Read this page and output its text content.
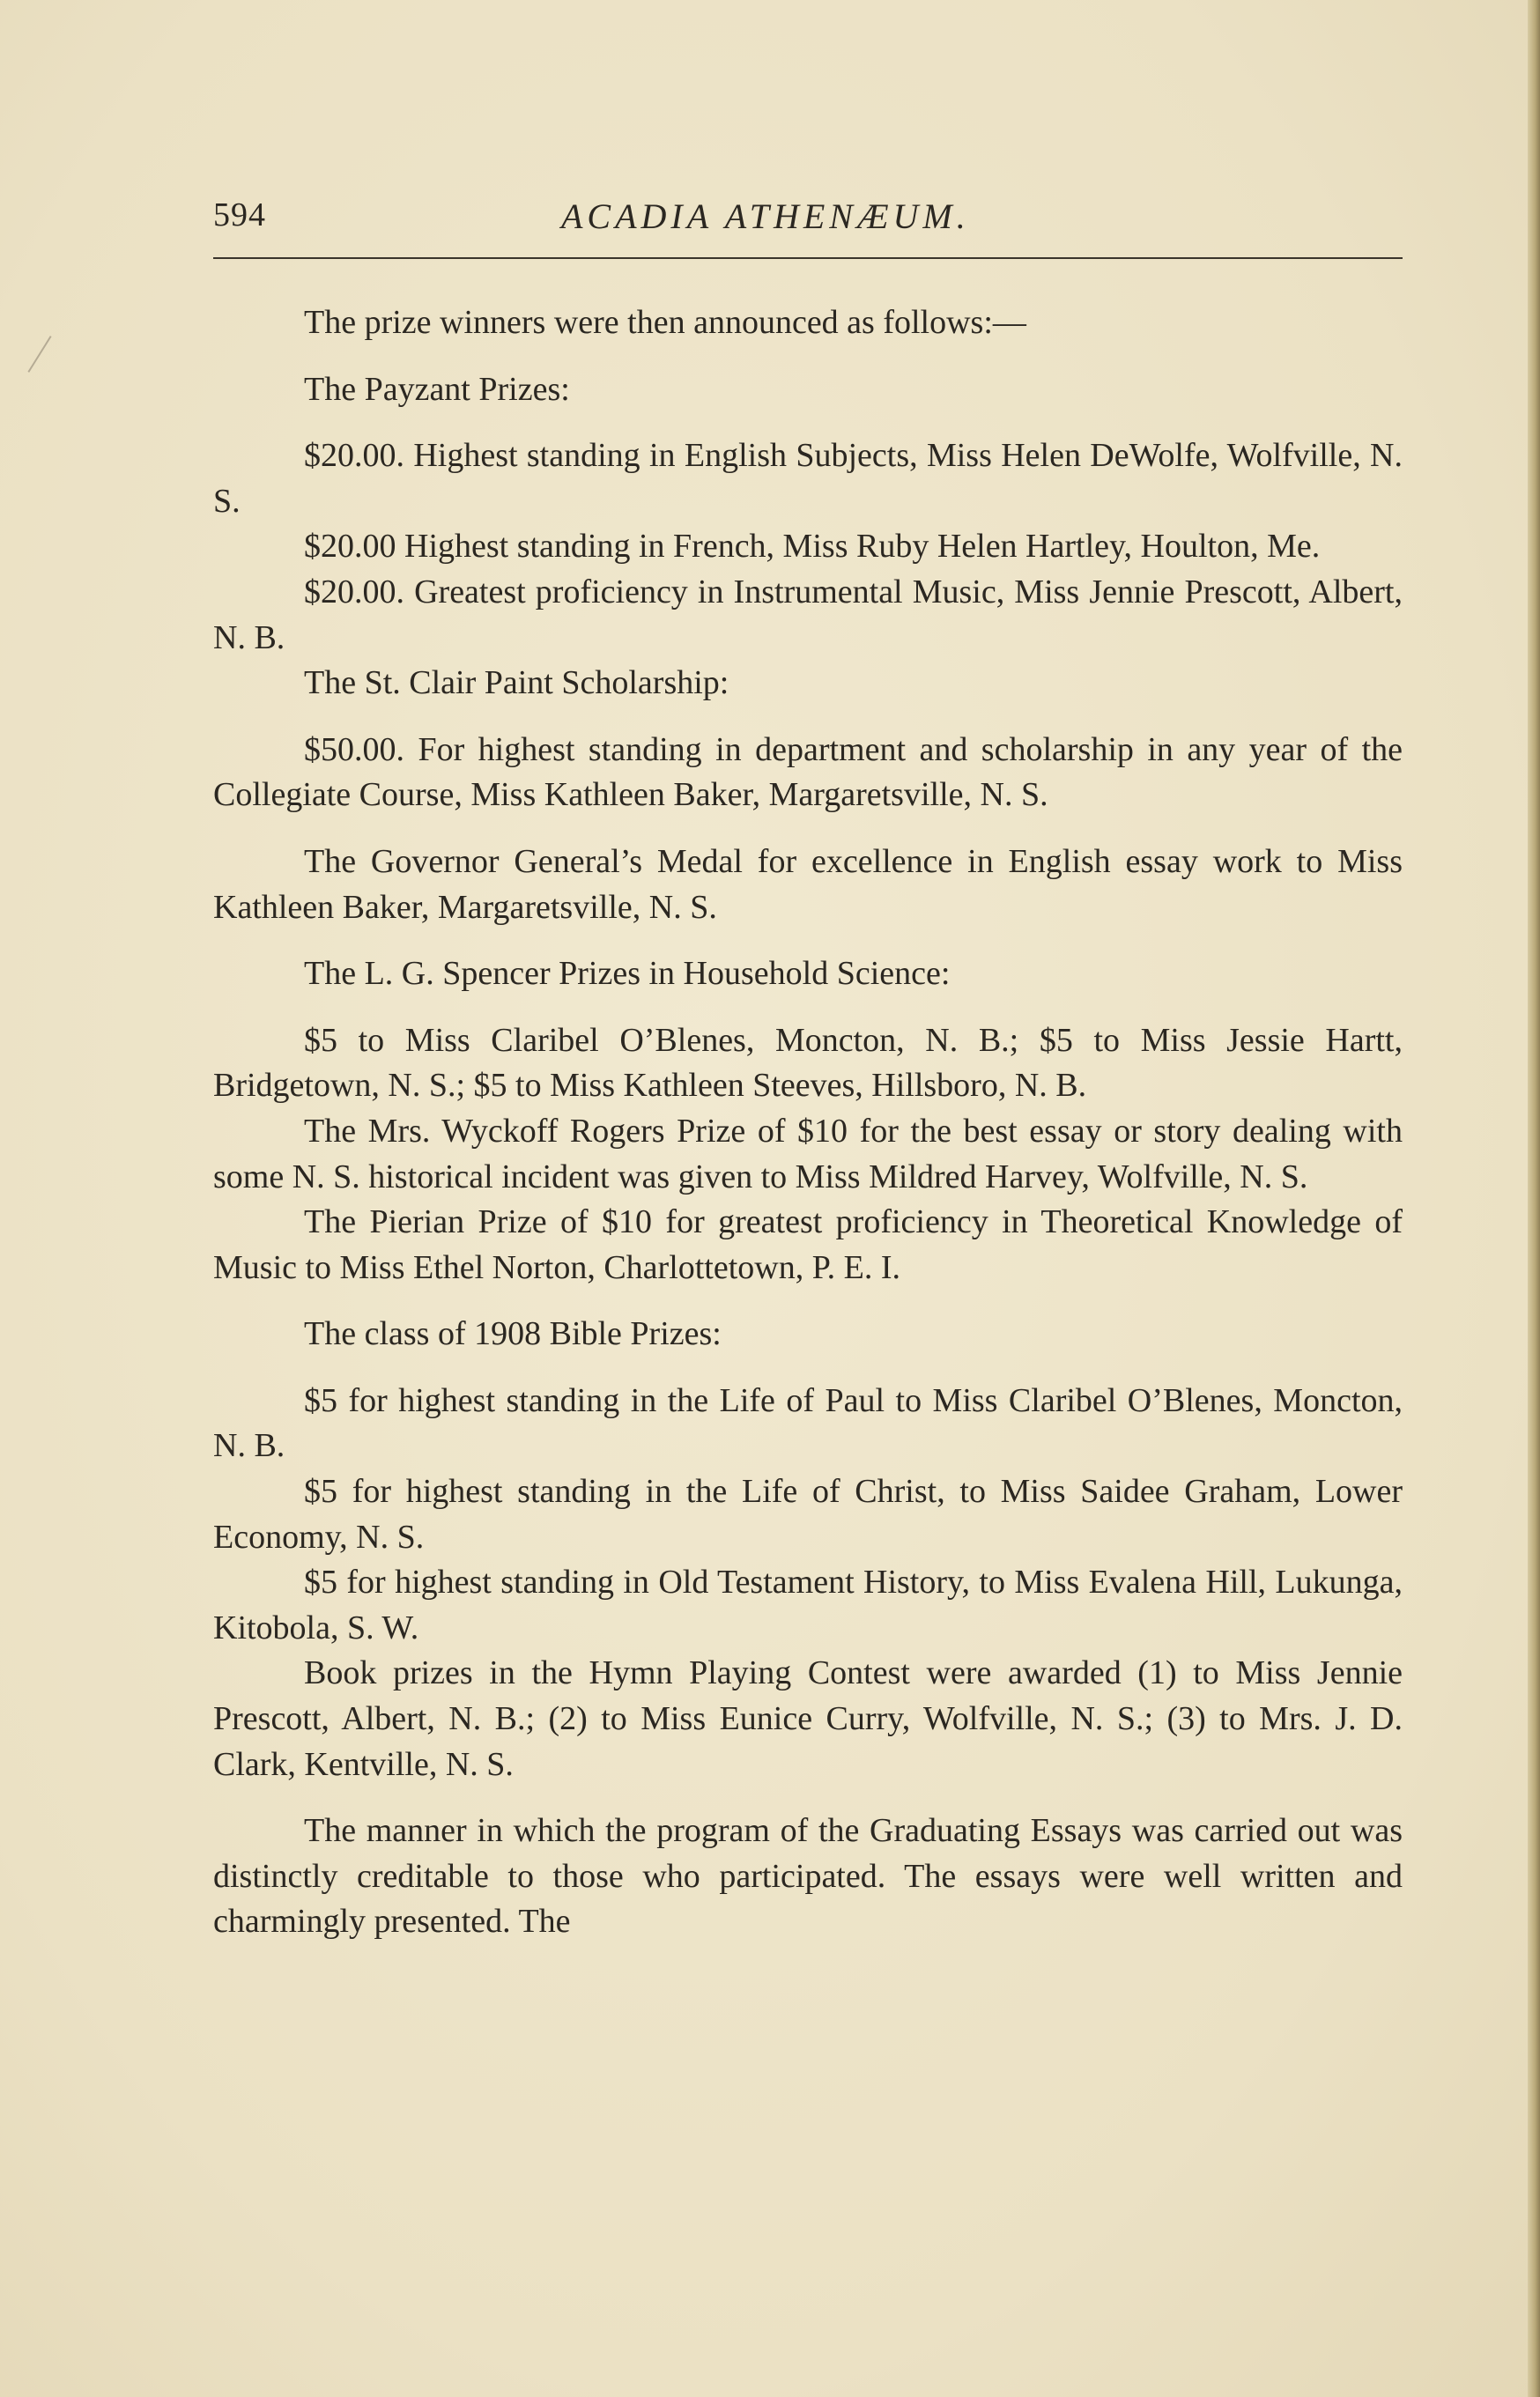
594	ACADIA ATHENÆUM.

The prize winners were then announced as follows:—

The Payzant Prizes:

$20.00. Highest standing in English Subjects, Miss Helen DeWolfe, Wolfville, N. S.

$20.00 Highest standing in French, Miss Ruby Helen Hartley, Houlton, Me.

$20.00. Greatest proficiency in Instrumental Music, Miss Jennie Prescott, Albert, N. B.

The St. Clair Paint Scholarship:

$50.00. For highest standing in department and scholarship in any year of the Collegiate Course, Miss Kathleen Baker, Margaretsville, N. S.

The Governor General’s Medal for excellence in English essay work to Miss Kathleen Baker, Margaretsville, N. S.

The L. G. Spencer Prizes in Household Science:

$5 to Miss Claribel O’Blenes, Moncton, N. B.; $5 to Miss Jessie Hartt, Bridgetown, N. S.; $5 to Miss Kathleen Steeves, Hillsboro, N. B.

The Mrs. Wyckoff Rogers Prize of $10 for the best essay or story dealing with some N. S. historical incident was given to Miss Mildred Harvey, Wolfville, N. S.

The Pierian Prize of $10 for greatest proficiency in Theoretical Knowledge of Music to Miss Ethel Norton, Charlottetown, P. E. I.

The class of 1908 Bible Prizes:

$5 for highest standing in the Life of Paul to Miss Claribel O’Blenes, Moncton, N. B.

$5 for highest standing in the Life of Christ, to Miss Saidee Graham, Lower Economy, N. S.

$5 for highest standing in Old Testament History, to Miss Evalena Hill, Lukunga, Kitobola, S. W.

Book prizes in the Hymn Playing Contest were awarded (1) to Miss Jennie Prescott, Albert, N. B.; (2) to Miss Eunice Curry, Wolfville, N. S.; (3) to Mrs. J. D. Clark, Kentville, N. S.

The manner in which the program of the Graduating Essays was carried out was distinctly creditable to those who participated. The essays were well written and charmingly presented. The
